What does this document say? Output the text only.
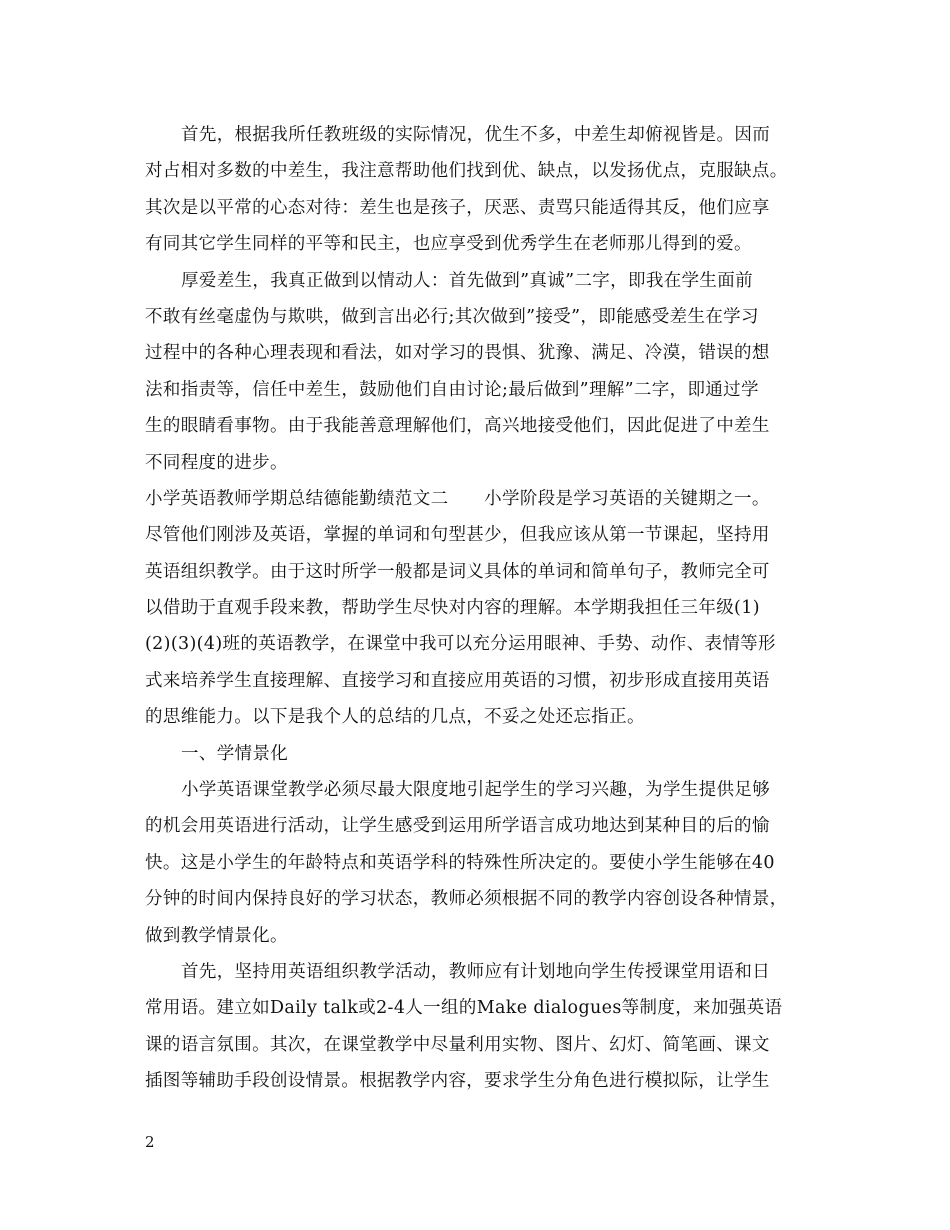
首先，根据我所任教班级的实际情况，优生不多，中差生却俯视皆是。因而
对占相对多数的中差生，我注意帮助他们找到优、缺点，以发扬优点，克服缺点。
其次是以平常的心态对待：差生也是孩子，厌恶、责骂只能适得其反，他们应享
有同其它学生同样的平等和民主，也应享受到优秀学生在老师那儿得到的爱。
厚爱差生，我真正做到以情动人：首先做到”真诚”二字，即我在学生面前
不敢有丝毫虚伪与欺哄，做到言出必行;其次做到”接受”，即能感受差生在学习
过程中的各种心理表现和看法，如对学习的畏惧、犹豫、满足、冷漠，错误的想
法和指责等，信任中差生，鼓励他们自由讨论;最后做到”理解”二字，即通过学
生的眼睛看事物。由于我能善意理解他们，高兴地接受他们，因此促进了中差生
不同程度的进步。
小学英语教师学期总结德能勤绩范文二　　小学阶段是学习英语的关键期之一。
尽管他们刚涉及英语，掌握的单词和句型甚少，但我应该从第一节课起，坚持用
英语组织教学。由于这时所学一般都是词义具体的单词和简单句子，教师完全可
以借助于直观手段来教，帮助学生尽快对内容的理解。本学期我担任三年级(1)
(2)(3)(4)班的英语教学，在课堂中我可以充分运用眼神、手势、动作、表情等形
式来培养学生直接理解、直接学习和直接应用英语的习惯，初步形成直接用英语
的思维能力。以下是我个人的总结的几点，不妥之处还忘指正。
一、学情景化
小学英语课堂教学必须尽最大限度地引起学生的学习兴趣，为学生提供足够
的机会用英语进行活动，让学生感受到运用所学语言成功地达到某种目的后的愉
快。这是小学生的年龄特点和英语学科的特殊性所决定的。要使小学生能够在40
分钟的时间内保持良好的学习状态，教师必须根据不同的教学内容创设各种情景，
做到教学情景化。
首先，坚持用英语组织教学活动，教师应有计划地向学生传授课堂用语和日
常用语。建立如Daily talk或2-4人一组的Make dialogues等制度，来加强英语
课的语言氛围。其次，在课堂教学中尽量利用实物、图片、幻灯、简笔画、课文
插图等辅助手段创设情景。根据教学内容，要求学生分角色进行模拟际，让学生
2
